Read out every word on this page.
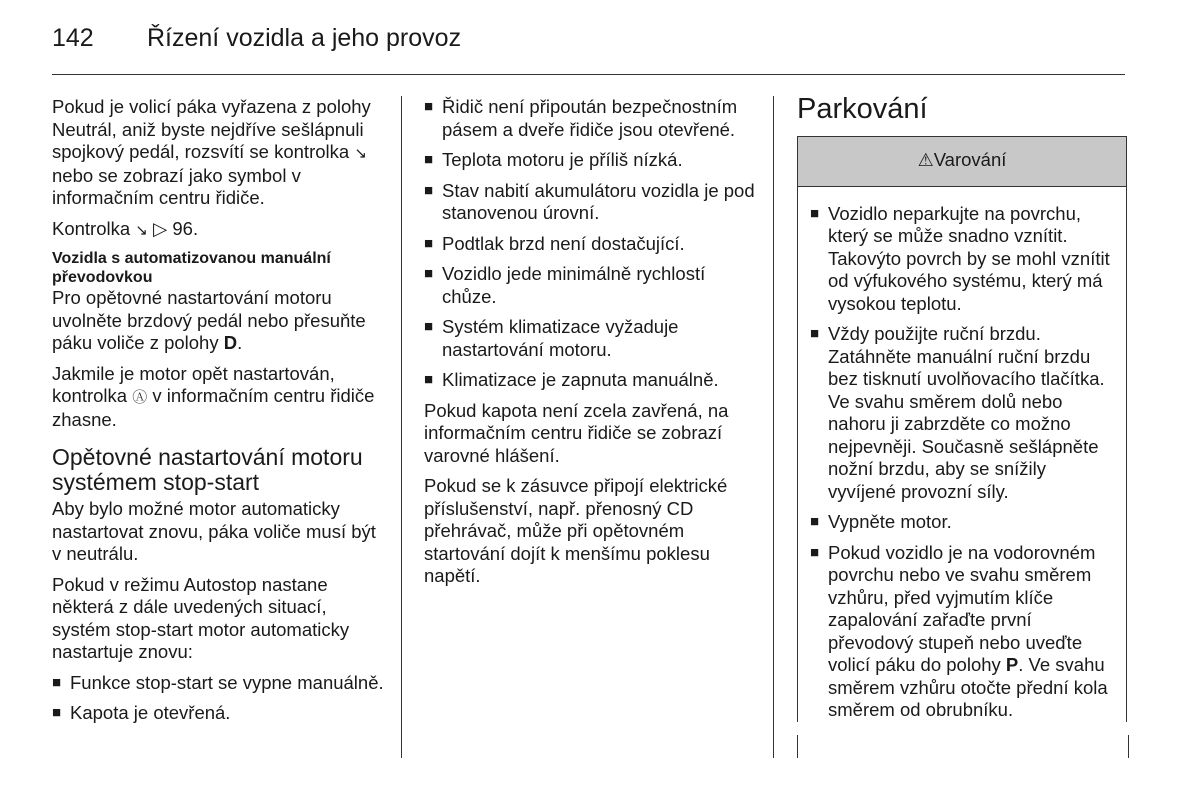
142 Řízení vozidla a jeho provoz

Pokud je volicí páka vyřazena z polohy Neutrál, aniž byste nejdříve sešlápnuli spojkový pedál, rozsvítí se kontrolka ↘ nebo se zobrazí jako symbol v informačním centru řidiče.

Kontrolka ↘ ▷ 96.

Vozidla s automatizovanou manuální převodovkou

Pro opětovné nastartování motoru uvolněte brzdový pedál nebo přesuňte páku voliče z polohy D.

Jakmile je motor opět nastartován, kontrolka Ⓐ v informačním centru řidiče zhasne.

Opětovné nastartování motoru systémem stop-start

Aby bylo možné motor automaticky nastartovat znovu, páka voliče musí být v neutrálu.

Pokud v režimu Autostop nastane některá z dále uvedených situací, systém stop-start motor automaticky nastartuje znovu:

■ Funkce stop-start se vypne manuálně.
■ Kapota je otevřená.
■ Řidič není připoután bezpečnostním pásem a dveře řidiče jsou otevřené.
■ Teplota motoru je příliš nízká.
■ Stav nabití akumulátoru vozidla je pod stanovenou úrovní.
■ Podtlak brzd není dostačující.
■ Vozidlo jede minimálně rychlostí chůze.
■ Systém klimatizace vyžaduje nastartování motoru.
■ Klimatizace je zapnuta manuálně.

Pokud kapota není zcela zavřená, na informačním centru řidiče se zobrazí varovné hlášení.

Pokud se k zásuvce připojí elektrické příslušenství, např. přenosný CD přehrávač, může při opětovném startování dojít k menšímu poklesu napětí.

Parkování
⚠Varování
■ Vozidlo neparkujte na povrchu, který se může snadno vznítit. Takovýto povrch by se mohl vznítit od výfukového systému, který má vysokou teplotu.
■ Vždy použijte ruční brzdu. Zatáhněte manuální ruční brzdu bez tisknutí uvolňovacího tlačítka. Ve svahu směrem dolů nebo nahoru ji zabrzděte co možno nejpevněji. Současně sešlápněte nožní brzdu, aby se snížily vyvíjené provozní síly.
■ Vypněte motor.
■ Pokud vozidlo je na vodorovném povrchu nebo ve svahu směrem vzhůru, před vyjmutím klíče zapalování zařaďte první převodový stupeň nebo uveďte volicí páku do polohy P. Ve svahu směrem vzhůru otočte přední kola směrem od obrubníku.
